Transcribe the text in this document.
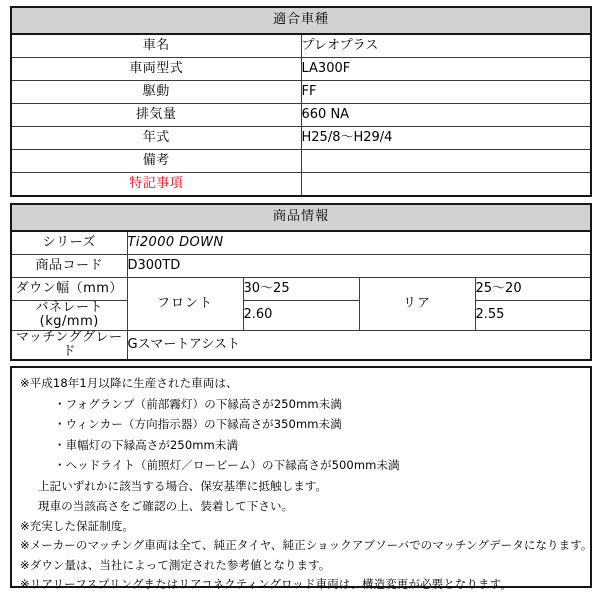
適合車種	
車名	プレオプラス
車両型式	LA300F
駆動	FF
排気量	660 NA
年式	H25/8〜H29/4
備考	
特記事項	
商品情報				
シリーズ	Ti2000 DOWN			
商品コード	D300TD			
ダウン幅（mm）	フロント	30〜25	リア	25〜20
バネレート(kg/mm)		2.60		2.55
マッチンググレード	Gスマートアシスト			

※平成18年1月以降に生産された車両は、

・フォグランプ（前部霧灯）の下縁高さが250mm未満

・ウィンカー（方向指示器）の下縁高さが350mm未満

・車幅灯の下縁高さが250mm未満

・ヘッドライト（前照灯／ロービーム）の下縁高さが500mm未満

上記いずれかに該当する場合、保安基準に抵触します。

現車の当該高さをご確認の上、装着して下さい。

※充実した保証制度。

※メーカーのマッチング車両は全て、純正タイヤ、純正ショックアブソーバでのマッチングデータになります。

※ダウン量は、当社によって測定された参考値となります。

※リアリーフスプリングまたはリアコネクティングロッド車両は、構造変更が必要となります。
